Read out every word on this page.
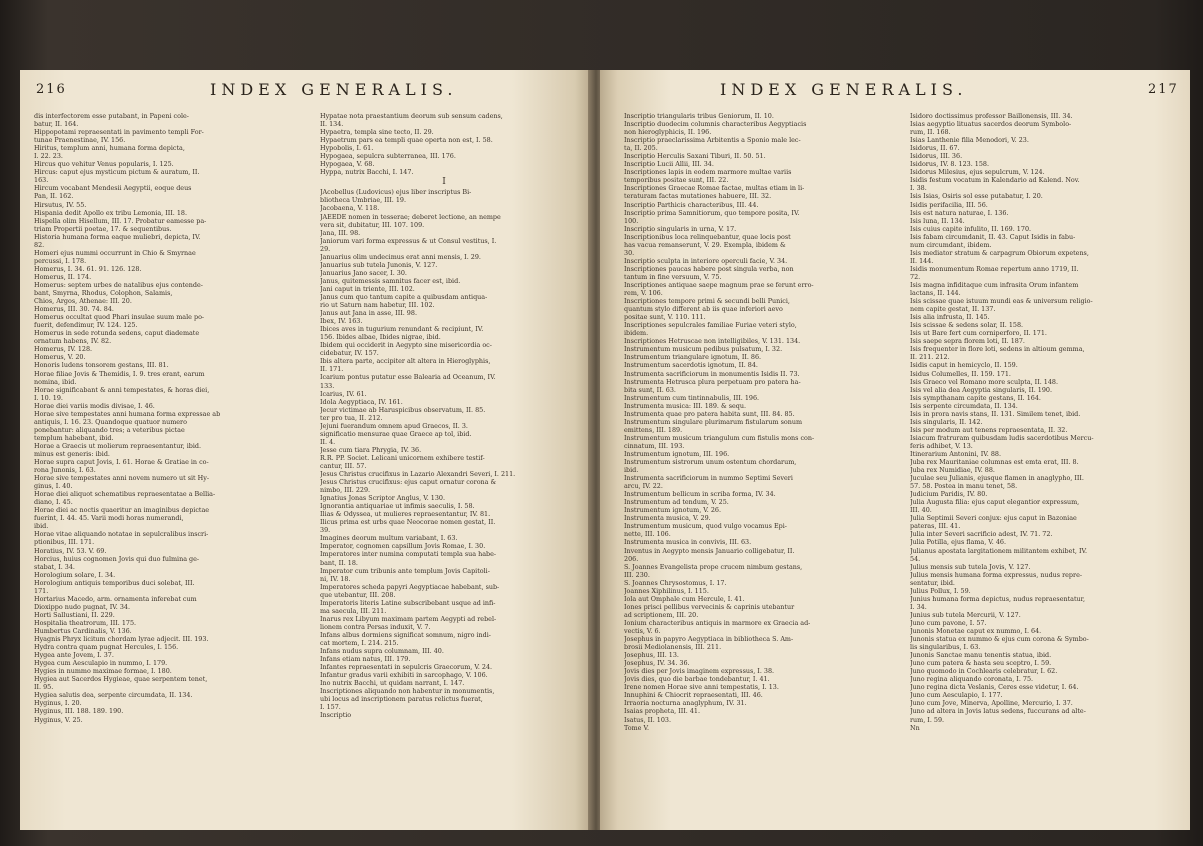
216	INDEX GENERALIS.
dis interfectorem esse putabant, in Papeni cole-
batur, II. 164.
Hippopotami repraesentati in pavimento templi For-
tunae Praenestinae, IV. 156.
Hiritus, templum anni, humana forma depicta,
I. 22. 23.
Hircus quo vehitur Venus popularis, I. 125.
Hircus: caput ejus mysticum pictum & auratum, II.
163.
Hircum vocabant Mendesii Aegyptii, eoque deus
Pan, II. 162.
Hirsutus, IV. 55.
Hispania dedit Apollo ex tribu Lemonia, III. 18.
Hispella olim Hisellum, III. 17. Probatur eamesse pa-
triam Propertii poetae, 17. & sequentibus.
Historia humana forma eaque muliebri, depicta, IV.
82.
Homeri ejus nummi occurrunt in Chio & Smyrnae
percussi, I. 178.
Homerus, I. 34. 61. 91. 126. 128.
Homerus, II. 174.
Homerus: septem urbes de natalibus ejus contende-
bant, Smyrna, Rhodus, Colophon, Salamis,
Chios, Argos, Athenae: III. 20.
Homerus, III. 30. 74. 84.
Homerus occultat quod Phari insulae suum male po-
fuerit, defendimur, IV. 124. 125.
Homerus in sede rotunda sedens, caput diademate
ornatum habens, IV. 82.
Homerus, IV. 128.
Homerus, V. 20.
Honoris ludens tonsorem gestans, III. 81.
Horae filiae Jovis & Themidis, I. 9. tres erant, earum
nomina, ibid.
Horae significabant & anni tempestates, & horas diei,
I. 10. 19.
Horae diei variis modis divisae, I. 46.
Horae sive tempestates anni humana forma expressae ab
antiquis, I. 16. 23. Quandoque quatuor numero
ponebantur: aliquando tres; a veteribus pictae
templum habebant, ibid.
Horae a Graecis ut molierum repraesentantur, ibid.
minus est generis: ibid.
Horae supra caput Jovis, I. 61. Horae & Gratiae in co-
rona Junonis, I. 63.
Horae sive tempestates anni novem numero ut sit Hy-
ginus, I. 40.
Horae diei aliquot schematibus repraesentatae a Bellia-
diano, I. 45.
Horae diei ac noctis quaeritur an imaginibus depictae
fuerint, I. 44. 45. Varii modi horas numerandi,
ibid.
Horae vitae aliquando notatae in sepulcralibus inscri-
ptionibus, III. 171.
Horatius, IV. 53. V. 69.
Horcius, huius cognomen Jovis qui duo fulmina ge-
stabat, I. 34.
Horologium solare, I. 34.
Horologium antiquis temporibus duci solebat, III.
171.
Hortarius Macedo, arm. ornamenta inferebat cum
Dioxippo nudo pugnat, IV. 34.
Horti Sallustiani, II. 229.
Hospitalia theatrorum, III. 175.
Humbertus Cardinalis, V. 136.
Hyagnis Phryx licitum chordam lyrae adjecit. III. 193.
Hydra contra quam pugnat Hercules, I. 156.
Hygea ante Jovem, I. 37.
Hygea cum Aesculapio in nummo, I. 179.
Hygies in nummo maximae formae, I. 180.
Hygiea aut Sacerdos Hygieae, quae serpentem tenet,
II. 95.
Hygiea salutis dea, serpente circumdata, II. 134.
Hyginus, I. 20.
Hyginus, III. 188. 189. 190.
Hyginus, V. 25.
Hypatae nota praestantium deorum sub sensum cadens,
II. 134.
Hypaetra, templa sine tecto, II. 29.
Hypaetrum pars ea templi quae operta non est, I. 58.
Hypobolis, I. 61.
Hypogaea, sepulcra subterranea, III. 176.
Hypogaea, V. 68.
Hyppa, nutrix Bacchi, I. 147.
I
JAcobellus (Ludovicus) ejus liber inscriptus Bi-
bliotheca Umbriae, III. 19.
Jacobaena, V. 118.
JAEEDE nomen in tesserae; deberet lectione, an nempe
vera sit, dubitatur, III. 107. 109.
Jana, III. 98.
Janiorum vari forma expressus & ut Consul vestitus, I.
29.
Januarius olim undecimus erat anni mensis, I. 29.
Januarius sub tutela Junonis, V. 127.
Januarius Jano sacer, I. 30.
Janus, quitemessis samnitus facer est, ibid.
Jani caput in triente, III. 102.
Janus cum quo tantum capite a quibusdam antiqua-
rio ut Saturn nam habetur, III. 102.
Janus aut Jana in asse, III. 98.
Ibex, IV. 163.
Ibices aves in tugurium renundant & recipiunt, IV.
156. Ibides albae, Ibides nigrae, ibid.
Ibidem qui occiderit in Aegypto sine misericordia oc-
cidebatur, IV. 157.
Ibis altera parte, accipiter alt altera in Hieroglyphis,
II. 171.
Icarium pontus putatur esse Balearia ad Oceanum, IV.
133.
Icarius, IV. 61.
Idola Aegyptiaca, IV. 161.
Jecur victimae ab Haruspicibus observatum, II. 85.
ter pro tua, II. 212.
Jejuni fuerandum omnem apud Graecos, II. 3.
significatio mensurae quae Graece ap tol, ibid.
II. 4.
Jesse cum tiara Phrygia, IV. 36.
R.R. PP. Societ. Lelicani unicornem exhibere testif-
cantur, III. 57.
Jesus Christus crucifixus in Lazario Alexandri Severi, I. 211.
Jesus Christus crucifixus: ejus caput ornatur corona &
nimbo, III. 229.
Ignatius Jonas Scriptor Anglus, V. 130.
Ignorantia antiquariae ut infimis saeculis, I. 58.
Ilias & Odyssea, ut mulieres repraesentantur, IV. 81.
Ilicus prima est urbs quae Neocorae nomen gestat, II.
39.
Imagines deorum multum variabant, I. 63.
Imperator, cognomen capsillum Jovis Romae, I. 30.
Imperatores inter numina computati templa sua habe-
bant, II. 18.
Imperator cum tribunis ante templum Jovis Capitoli-
ni, IV. 18.
Imperatores scheda papyri Aegyptiacae habebant, sub-
que utebantur, III. 208.
Imperatoris literis Latine subscribebant usque ad infi-
ma saecula, III. 211.
Inarus rex Libyum maximam partem Aegypti ad rebel-
lionem contra Persas induxit, V. 7.
Infans albus dormiens significat somnum, nigro indi-
cat mortem, I. 214. 215.
Infans nudus supra columnam, III. 40.
Infans etiam natus, III. 179.
Infantes repraesentati in sepulcris Graecorum, V. 24.
Infantur gradus varii exhibiti in sarcophago, V. 106.
Ino nutrix Bacchi, ut quidam narrant, I. 147.
Inscriptiones aliquando non habentur in monumentis,
ubi locus ad inscriptionem paratus relictus fuerat,
I. 157.
Inscriptio
INDEX GENERALIS.	217
Inscriptio triangularis tribus Geniorum, II. 10.
Inscriptio duodecim columnis characteribus Aegyptiacis
non hieroglyphicis, II. 196.
Inscriptio praeclarissima Arbitentis a Sponio male lec-
ta, II. 205.
Inscriptio Herculis Saxani Tiburi, II. 50. 51.
Inscriptio Lucii Allii, III. 34.
Inscriptiones lapis in eodem marmore multae variis
temporibus positae sunt, III. 22.
Inscriptiones Graecae Romae factae, multas etiam in li-
teraturam factas mutationes habuere, III. 32.
Inscriptio Parthicis characteribus, III. 44.
Inscriptio prima Samnitiorum, quo tempore posita, IV.
100.
Inscriptio singularis in urna, V. 17.
Inscriptionibus loca relinquebantur, quae locis post
has vacua remanserunt, V. 29. Exempla, ibidem &
30.
Inscriptio sculpta in interiore operculi facie, V. 34.
Inscriptiones paucas habere post singula verba, non
tantum in fine versuum, V. 75.
Inscriptiones antiquae saepe magnum prae se ferunt erro-
rem, V. 106.
Inscriptiones tempore primi & secundi belli Punici,
quantum stylo different ab iis quae inferiori aevo
positae sunt, V. 110. 111.
Inscriptiones sepulcrales familiae Furiae veteri stylo,
ibidem.
Inscriptiones Hetruscae non intelligibiles, V. 131. 134.
Instrumentum musicum pedibus pulsatum, I. 32.
Instrumentum triangulare ignotum, II. 86.
Instrumentum sacerdotis ignotum, II. 84.
Instrumenta sacrificiorum in monumentis Isidis II. 73.
Instrumenta Hetrusca plura perpetuam pro patera ha-
bita sunt, II. 63.
Instrumentum cum tintinnabulis, III. 196.
Instrumenta musica: III. 189. & sequ.
Instrumenta quae pro patera habita sunt, III. 84. 85.
Instrumentum singulare plurimarum fistularum sonum
emittens, III. 189.
Instrumentum musicum triangulum cum fistulis mons con-
cinnatum, III. 193.
Instrumentum ignotum, III. 196.
Instrumentum sistrorum unum ostentum chordarum,
ibid.
Instrumenta sacrificiorum in nummo Septimi Severi
arcu, IV. 22.
Instrumentum bellicum in scriba forma, IV. 34.
Instrumentum ad tendum, V. 25.
Instrumentum ignotum, V. 26.
Instrumenta musica, V. 29.
Instrumentum musicum, quod vulgo vocamus Epi-
nette, III. 106.
Instrumenta musica in convivis, III. 63.
Inventus in Aegypto mensis Januario colligebatur, II.
206.
S. Joannes Evangelista prope crucem nimbum gestans,
III. 230.
S. Joannes Chrysostomus, I. 17.
Joannes Xiphilinus, I. 115.
Iola aut Omphale cum Hercule, I. 41.
Iones prisci pellibus vervecinis & caprinis utebantur
ad scriptionem, III. 20.
Ionium characteribus antiquis in marmore ex Graecia ad-
vectis, V. 6.
Josephus in papyro Aegyptiaca in bibliotheca S. Am-
brosii Mediolanensis, III. 211.
Josephus, III. 13.
Josephus, IV. 34. 36.
Jovis dies per Jovis imaginem expressus, I. 38.
Jovis dies, quo die barbae tondebantur, I. 41.
Irene nomen Horae sive anni tempestatis, I. 13.
Innuphini & Chiocrit repraesentati, III. 46.
Irraoria nocturna anaglyphum, IV. 31.
Isaias propheta, III. 41.
Isatus, II. 103.
Tome V.
Isidoro doctissimus professor Baillonensis, III. 34.
Isias aegyptio lituatus sacerdos deorum Symbolo-
rum, II. 168.
Isias Lanthenie filia Menodori, V. 23.
Isidorus, II. 67.
Isidorus, III. 36.
Isidorus, IV. 8. 123. 158.
Isidorus Milesius, ejus sepulcrum, V. 124.
Isidis festum vocatum in Kalendario ad Kalend. Nov.
I. 38.
Isis Isias, Osiris sol esse putabatur, I. 20.
Isidis perifacilia, III. 56.
Isis est natura naturae, I. 136.
Isis luna, II. 134.
Isis cuius capite infulito, II. 169. 170.
Isis fabam circumdanit, II. 43. Caput Isidis in fabu-
num circumdant, ibidem.
Isis mediator stratum & carpagrum Obiorum expetens,
II. 144.
Isidis monumentum Romae repertum anno 1719, II.
72.
Isis magna infiditaque cum infrasita Orum infantem
lactans, II. 144.
Isis scissae quae istuum mundi eas & universum religio-
nem capite gestat, II. 137.
Isis alia infrusta, II. 145.
Isis scissae & sedens solar, II. 158.
Isis ut Bare fert cum corniperforo, II. 171.
Isis saepe sepra florem loti, II. 187.
Isis frequenter in flore loti, sedens in altioum gemma,
II. 211. 212.
Isidis caput in hemicyclo, II. 159.
Isidus Columelles, II. 159. 171.
Isis Graeco vel Romano more sculpta, II. 148.
Isis vel alia dea Aegyptia singularis, II. 190.
Isis sympthanam capite gestans, II. 164.
Isis serpente circumdata, II. 134.
Isis in prora navis stans, II. 131. Similem tenet, ibid.
Isis singularis, II. 142.
Isis per modum aut tenens repraesentata, II. 32.
Isiacum fratruram quibusdam ludis sacerdotibus Mercu-
feris adhibet, V. 13.
Itinerarium Antonini, IV. 88.
Juba rex Mauritaniae columnas est emta erat, III. 8.
Juba rex Numidiae, IV. 88.
Juculae seu Julianis, ejusque flamen in anaglypho, III.
57. 58. Postea in manu tenet, 58.
Judicium Paridis, IV. 80.
Julia Augusta filia: ejus caput elegantior expressum,
III. 40.
Julia Septimii Severi conjux: ejus caput in Bazoniae
pateras, III. 41.
Julia inter Severi sacrificio adest, IV. 71. 72.
Julia Potilla, ejus flama, V. 46.
Julianus apostata largitationem militantem exhibet, IV.
54.
Julius mensis sub tutela Jovis, V. 127.
Julius mensis humana forma expressus, nudus repre-
sentatur, ibid.
Julius Pollux, I. 59.
Junius humana forma depictus, nudus repraesentatur,
I. 34.
Junius sub tutela Mercurii, V. 127.
Juno cum pavone, I. 57.
Junonis Monetae caput ex nummo, I. 64.
Junonis statua ex nummo & ejus cum corona & Symbo-
lis singularibus, I. 63.
Junonis Sanctae manu tenentis statua, ibid.
Juno cum patera & hasta seu sceptro, I. 59.
Juno quomodo in Cochlearis celebratur, I. 62.
Juno regina aliquando coronata, I. 75.
Juno regina dicta Veslanis, Ceres esse videtur, I. 64.
Juno cum Aesculapio, I. 177.
Juno cum Jove, Minerva, Apolline, Mercurio, I. 37.
Juno ad altera in Jovis latus sedens, fuccurans ad alte-
rum, I. 59.
Nn
